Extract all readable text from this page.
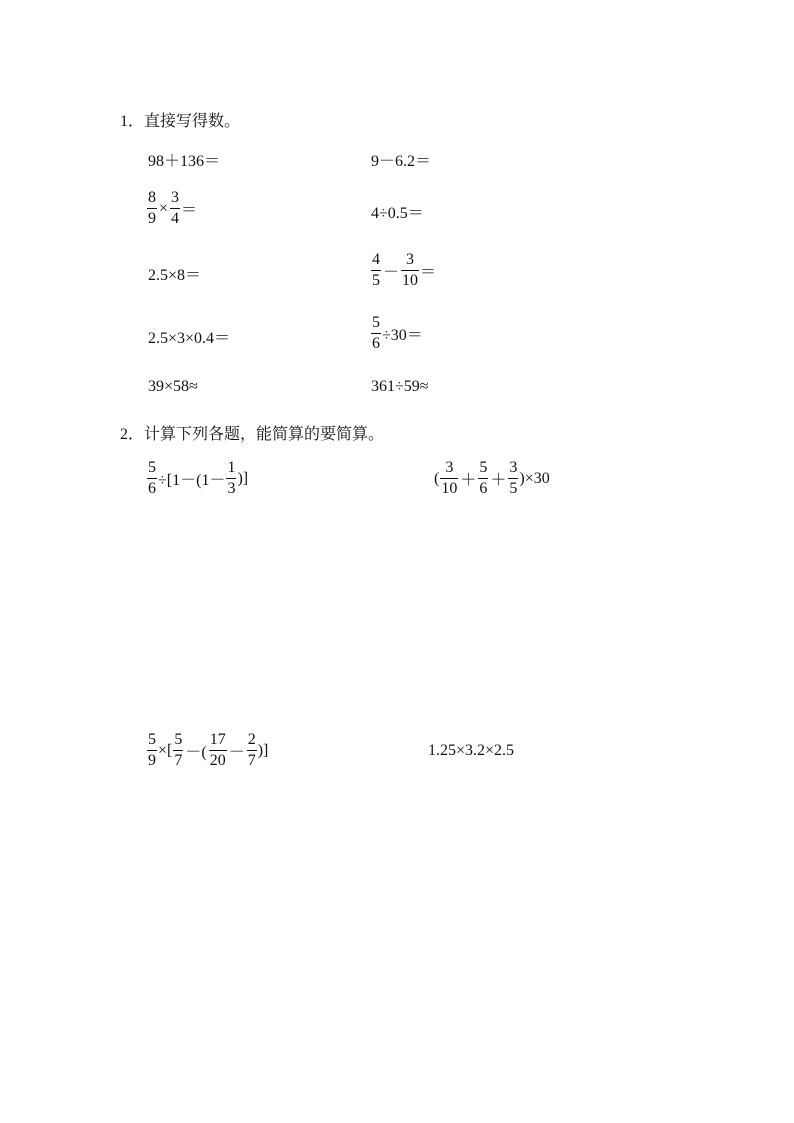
1．直接写得数。
98＋136＝	9－6.2＝
$\frac{8}{9} \times \frac{3}{4}$ ＝	4÷0.5＝
2.5×8＝	$\frac{4}{5} - \frac{3}{10}$ ＝
2.5×3×0.4＝	$\frac{5}{6} \div 30=$
39×58≈	361÷59≈
2．计算下列各题，能简算的要简算。
$\frac{5}{6} \div[1-(1- \frac{1}{3}$ )]	( $\frac{3}{10} + \frac{5}{6} + \frac{3}{5} )\times 30$
$\frac{5}{9}$ ×[ $\frac{5}{7}$ －( $\frac{17}{20} - \frac{2}{7}$ )]	1.25×3.2×2.5
